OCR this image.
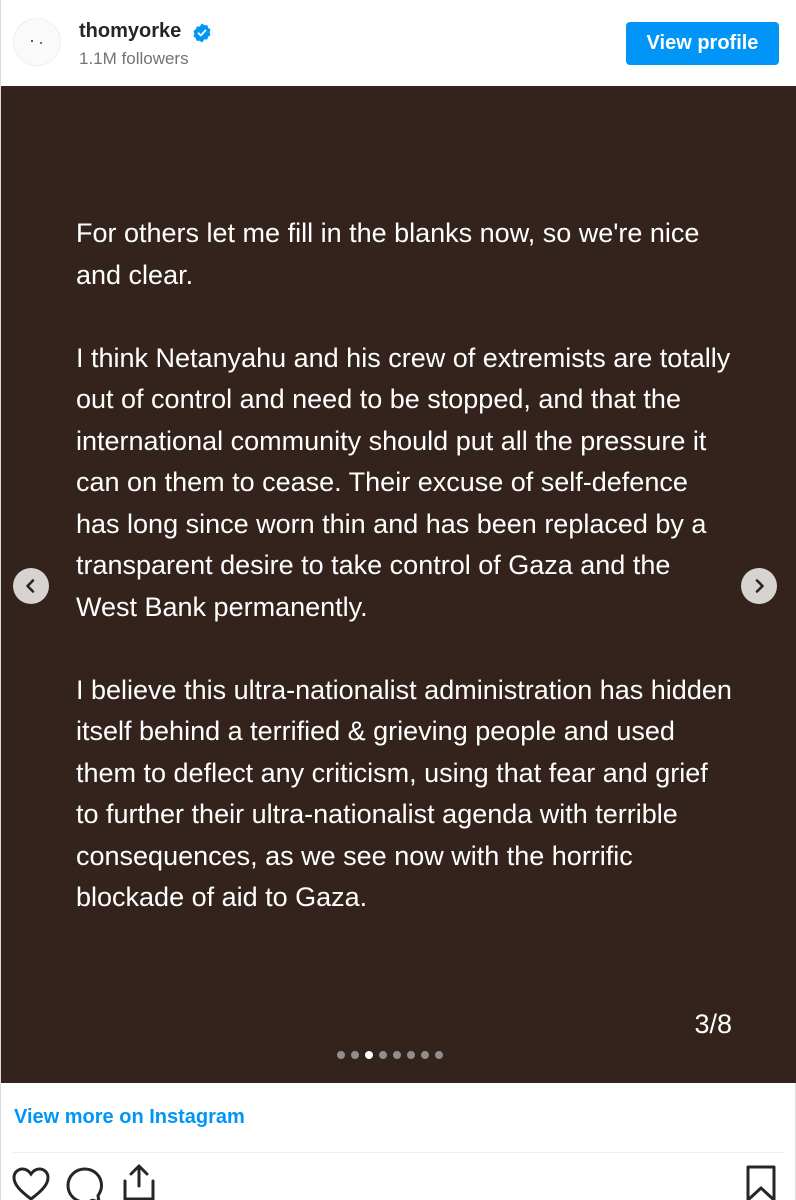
thomyorke
1.1M followers
View profile

For others let me fill in the blanks now, so we're nice and clear.

I think Netanyahu and his crew of extremists are totally out of control and need to be stopped, and that the international community should put all the pressure it can on them to cease. Their excuse of self-defence has long since worn thin and has been replaced by a transparent desire to take control of Gaza and the West Bank permanently.

I believe this ultra-nationalist administration has hidden itself behind a terrified & grieving people and used them to deflect any criticism, using that fear and grief to further their ultra-nationalist agenda with terrible consequences, as we see now with the horrific blockade of aid to Gaza.

3/8
View more on Instagram
